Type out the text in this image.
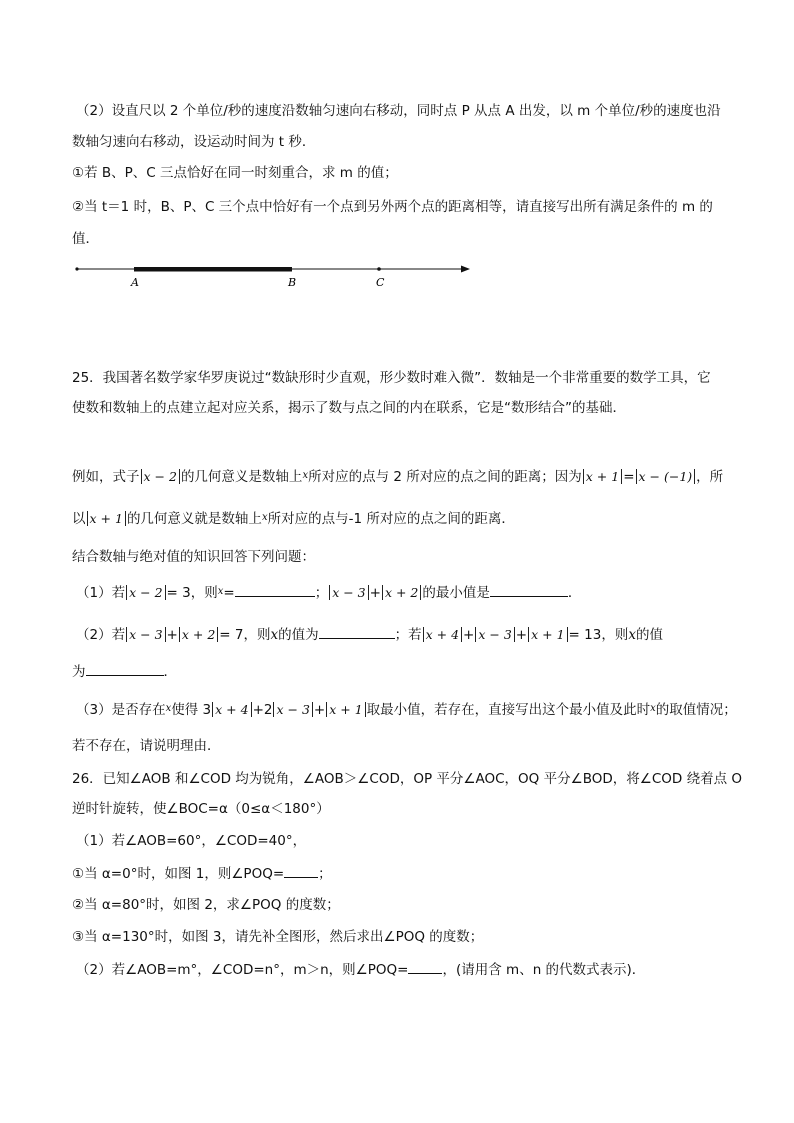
（2）设直尺以 2 个单位/秒的速度沿数轴匀速向右移动，同时点 P 从点 A 出发，以 m 个单位/秒的速度也沿
数轴匀速向右移动，设运动时间为 t 秒．
①若 B、P、C 三点恰好在同一时刻重合，求 m 的值；
②当 t＝1 时，B、P、C 三个点中恰好有一个点到另外两个点的距离相等，请直接写出所有满足条件的 m 的
值．
A	B	C
25．我国著名数学家华罗庚说过“数缺形时少直观，形少数时难入微”．数轴是一个非常重要的数学工具，它
使数和数轴上的点建立起对应关系，揭示了数与点之间的内在联系，它是“数形结合”的基础．
例如，式子 x − 2 的几何意义是数轴上$^x$所对应的点与 2 所对应的点之间的距离；因为 x + 1 = x − (−1) ，所
以 x + 1 的几何意义就是数轴上$^x$所对应的点与-1 所对应的点之间的距离．
结合数轴与绝对值的知识回答下列问题：
（1）若 x − 2 = 3，则$^x$=	； x − 3 + x + 2 的最小值是	．
（2）若 x − 3 + x + 2 = 7，则x的值为	；若 x + 4 + x − 3 + x + 1 = 13，则x的值
为	．
（3）是否存在$^x$使得 3 x + 4 +2 x − 3 + x + 1 取最小值，若存在，直接写出这个最小值及此时$^x$的取值情况；
若不存在，请说明理由．
26．已知∠AOB 和∠COD 均为锐角，∠AOB＞∠COD，OP 平分∠AOC，OQ 平分∠BOD，将∠COD 绕着点 O
逆时针旋转，使∠BOC=α（0≤α＜180°）
（1）若∠AOB=60°，∠COD=40°，
①当 α=0°时，如图 1，则∠POQ=	；
②当 α=80°时，如图 2，求∠POQ 的度数；
③当 α=130°时，如图 3，请先补全图形，然后求出∠POQ 的度数；
（2）若∠AOB=m°，∠COD=n°，m＞n，则∠POQ=	，(请用含 m、n 的代数式表示)．
